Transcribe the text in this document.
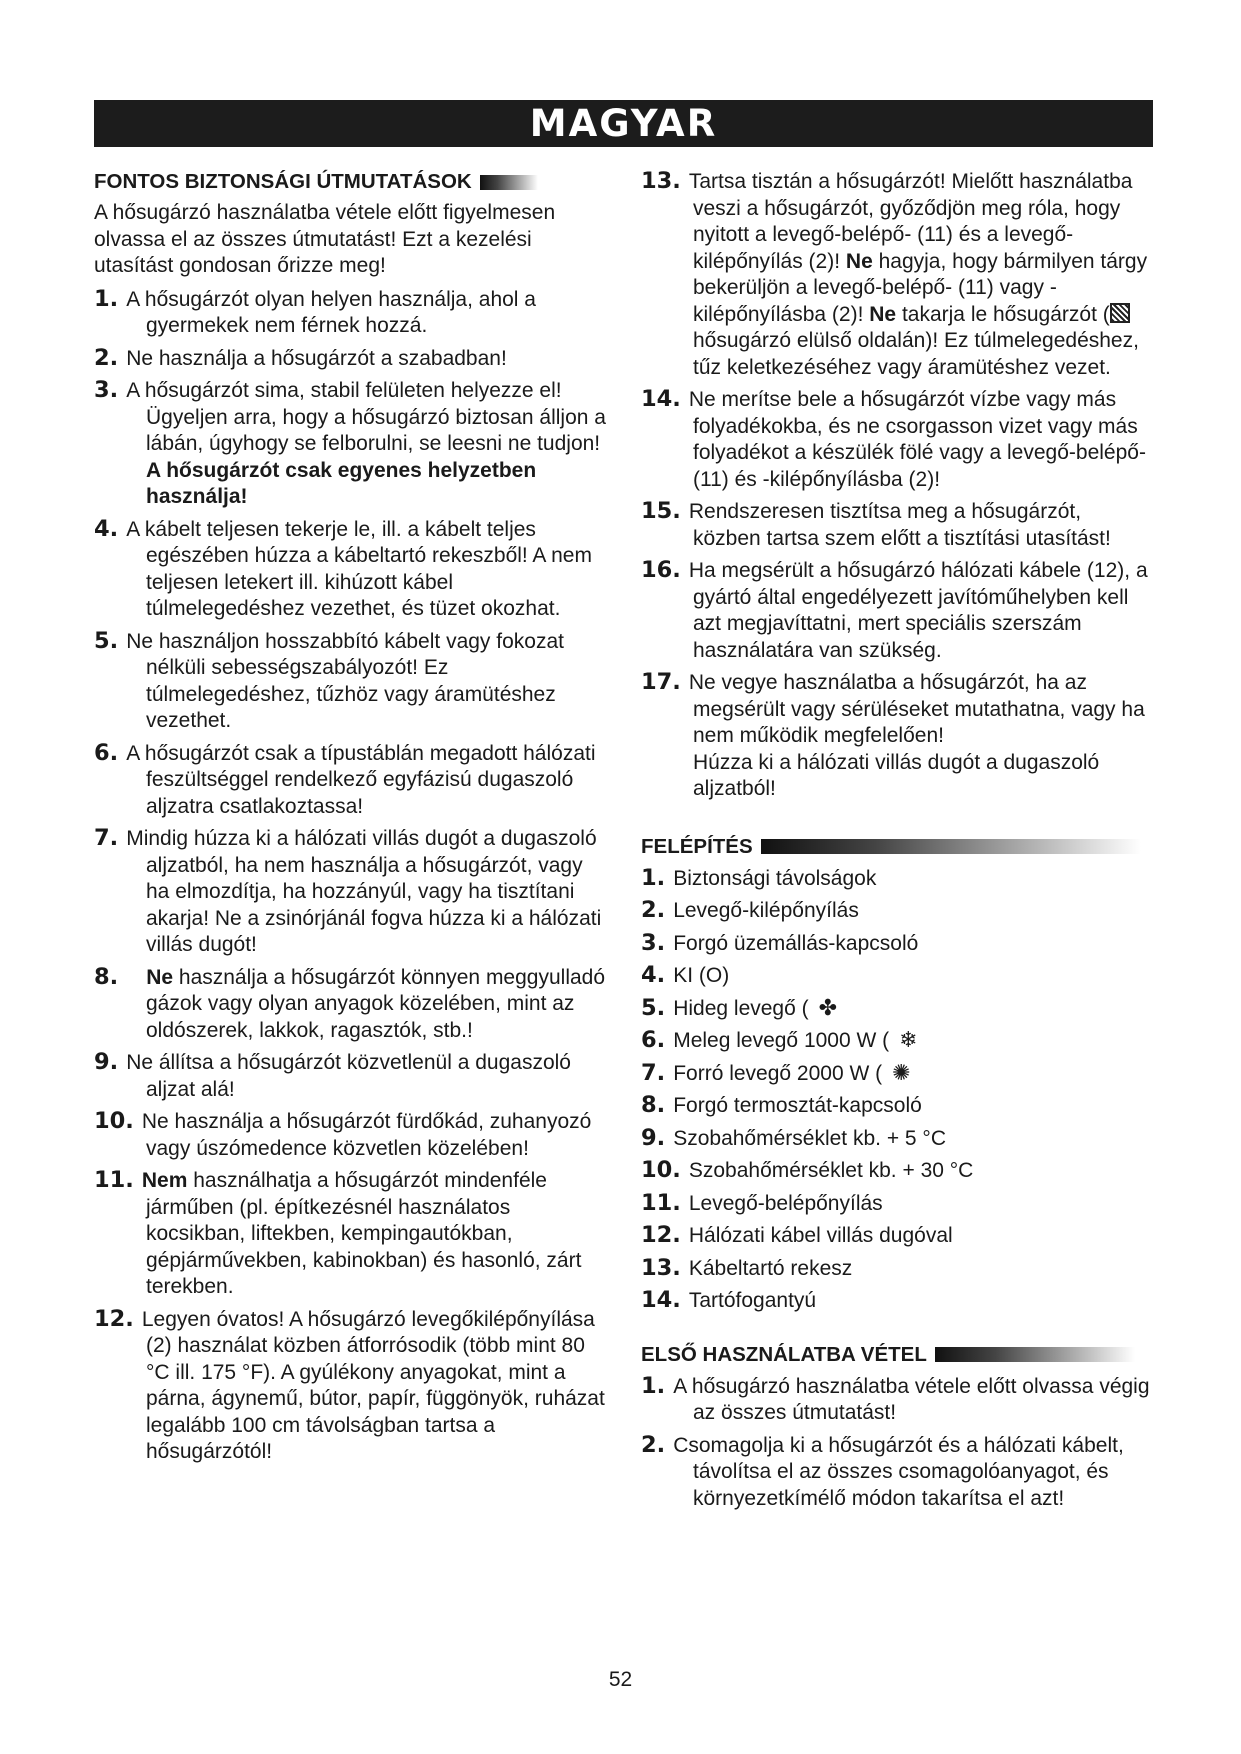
MAGYAR
FONTOS BIZTONSÁGI ÚTMUTATÁSOK

A hősugárzó használatba vétele előtt figyelmesen olvassa el az összes útmutatást! Ezt a kezelési utasítást gondosan őrizze meg!

1. A hősugárzót olyan helyen használja, ahol a gyermekek nem férnek hozzá.
2. Ne használja a hősugárzót a szabadban!
3. A hősugárzót sima, stabil felületen helyezze el! Ügyeljen arra, hogy a hősugárzó biztosan álljon a lábán, úgyhogy se felborulni, se leesni ne tudjon! A hősugárzót csak egyenes helyzetben használja!
4. A kábelt teljesen tekerje le, ill. a kábelt teljes egészében húzza a kábeltartó rekeszből! A nem teljesen letekert ill. kihúzott kábel túlmelegedéshez vezethet, és tüzet okozhat.
5. Ne használjon hosszabbító kábelt vagy fokozat nélküli sebességszabályozót! Ez túlmelegedéshez, tűzhöz vagy áramütéshez vezethet.
6. A hősugárzót csak a típustáblán megadott hálózati feszültséggel rendelkező egyfázisú dugaszoló aljzatra csatlakoztassa!
7. Mindig húzza ki a hálózati villás dugót a dugaszoló aljzatból, ha nem használja a hősugárzót, vagy ha elmozdítja, ha hozzányúl, vagy ha tisztítani akarja! Ne a zsinórjánál fogva húzza ki a hálózati villás dugót!
8. Ne használja a hősugárzót könnyen meggyulladó gázok vagy olyan anyagok közelében, mint az oldószerek, lakkok, ragasztók, stb.!
9. Ne állítsa a hősugárzót közvetlenül a dugaszoló aljzat alá!
10. Ne használja a hősugárzót fürdőkád, zuhanyozó vagy úszómedence közvetlen közelében!
11. Nem használhatja a hősugárzót mindenféle járműben (pl. építkezésnél használatos kocsikban, liftekben, kempingautókban, gépjárművekben, kabinokban) és hasonló, zárt terekben.
12. Legyen óvatos! A hősugárzó levegőkilépőnyílása (2) használat közben átforrósodik (több mint 80 °C ill. 175 °F). A gyúlékony anyagokat, mint a párna, ágynemű, bútor, papír, függönyök, ruházat legalább 100 cm távolságban tartsa a hősugárzótól!
13. Tartsa tisztán a hősugárzót! Mielőtt használatba veszi a hősugárzót, győződjön meg róla, hogy nyitott a levegő-belépő- (11) és a levegő-kilépőnyílás (2)! Ne hagyja, hogy bármilyen tárgy bekerüljön a levegő-belépő- (11) vagy -kilépőnyílásba (2)! Ne takarja le hősugárzót (hősugárzó elülső oldalán)! Ez túlmelegedéshez, tűz keletkezéséhez vagy áramütéshez vezet.
14. Ne merítse bele a hősugárzót vízbe vagy más folyadékokba, és ne csorgasson vizet vagy más folyadékot a készülék fölé vagy a levegő-belépő- (11) és -kilépőnyílásba (2)!
15. Rendszeresen tisztítsa meg a hősugárzót, közben tartsa szem előtt a tisztítási utasítást!
16. Ha megsérült a hősugárzó hálózati kábele (12), a gyártó által engedélyezett javítóműhelyben kell azt megjavíttatni, mert speciális szerszám használatára van szükség.
17. Ne vegye használatba a hősugárzót, ha az megsérült vagy sérüléseket mutathatna, vagy ha nem működik megfelelően!
Húzza ki a hálózati villás dugót a dugaszoló aljzatból!
FELÉPÍTÉS
1. Biztonsági távolságok
2. Levegő-kilépőnyílás
3. Forgó üzemállás-kapcsoló
4. KI (O)
5. Hideg levegő ( ✤
6. Meleg levegő 1000 W ( ❄
7. Forró levegő 2000 W ( ✺
8. Forgó termosztát-kapcsoló
9. Szobahőmérséklet kb. + 5 °C
10. Szobahőmérséklet kb. + 30 °C
11. Levegő-belépőnyílás
12. Hálózati kábel villás dugóval
13. Kábeltartó rekesz
14. Tartófogantyú
ELSŐ HASZNÁLATBA VÉTEL
1. A hősugárzó használatba vétele előtt olvassa végig az összes útmutatást!
2. Csomagolja ki a hősugárzót és a hálózati kábelt, távolítsa el az összes csomagolóanyagot, és környezetkímélő módon takarítsa el azt!
52
